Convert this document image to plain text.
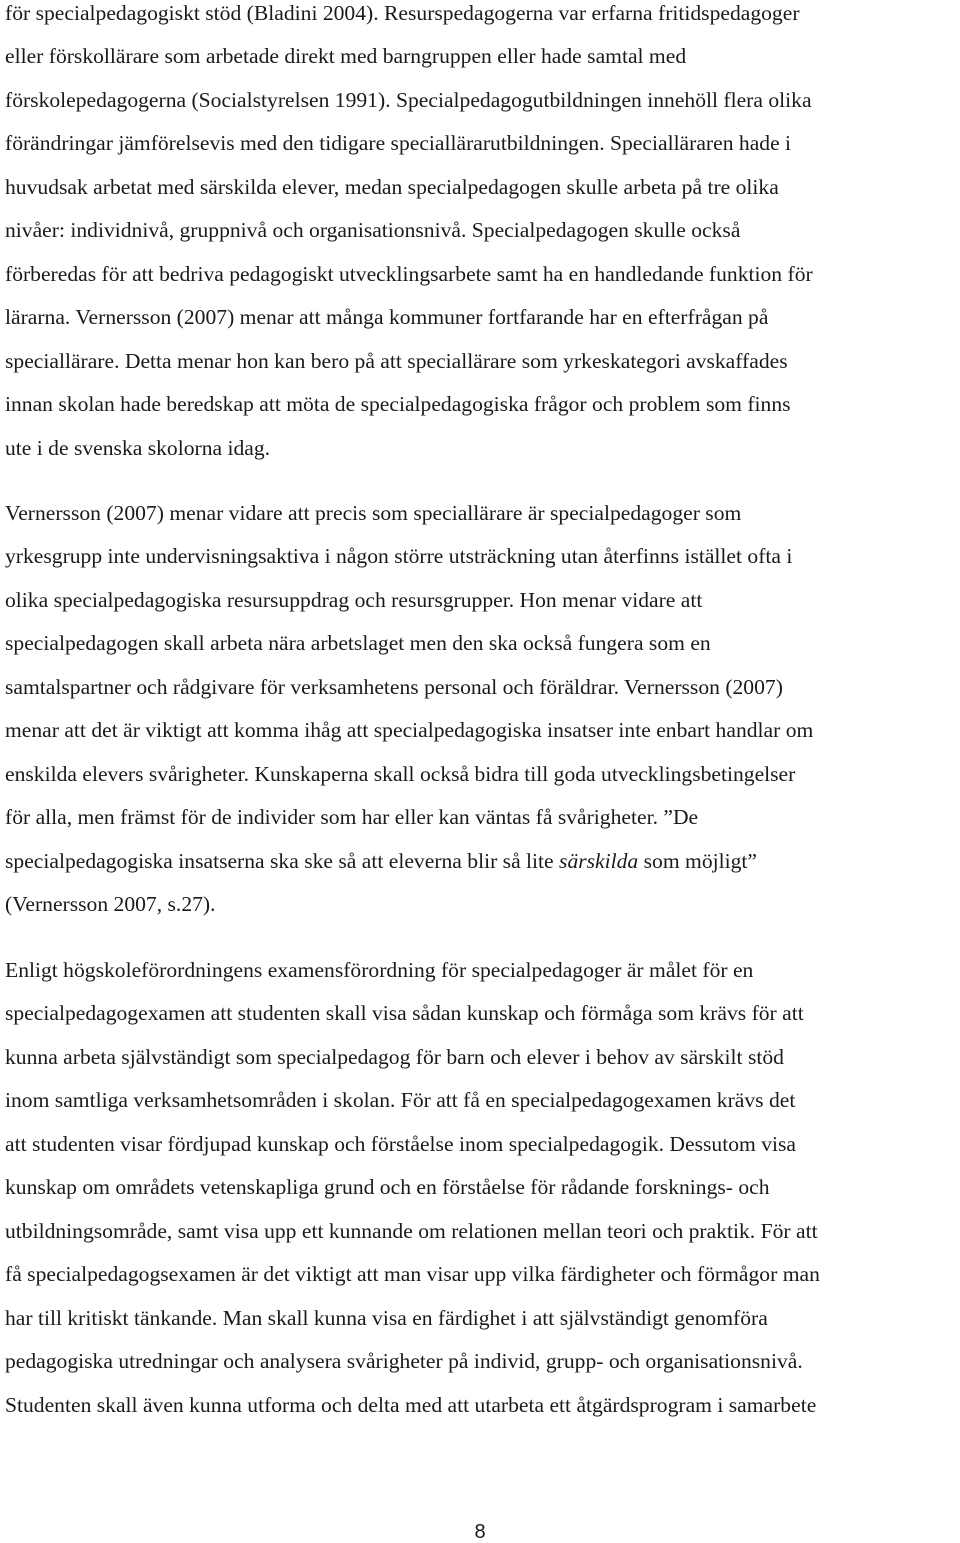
för specialpedagogiskt stöd (Bladini 2004). Resurspedagogerna var erfarna fritidspedagoger
eller förskollärare som arbetade direkt med barngruppen eller hade samtal med
förskolepedagogerna (Socialstyrelsen 1991). Specialpedagogutbildningen innehöll flera olika
förändringar jämförelsevis med den tidigare speciallärarutbildningen. Specialläraren hade i
huvudsak arbetat med särskilda elever, medan specialpedagogen skulle arbeta på tre olika
nivåer: individnivå, gruppnivå och organisationsnivå. Specialpedagogen skulle också
förberedas för att bedriva pedagogiskt utvecklingsarbete samt ha en handledande funktion för
lärarna. Vernersson (2007) menar att många kommuner fortfarande har en efterfrågan på
speciallärare. Detta menar hon kan bero på att speciallärare som yrkeskategori avskaffades
innan skolan hade beredskap att möta de specialpedagogiska frågor och problem som finns
ute i de svenska skolorna idag.
Vernersson (2007) menar vidare att precis som speciallärare är specialpedagoger som
yrkesgrupp inte undervisningsaktiva i någon större utsträckning utan återfinns istället ofta i
olika specialpedagogiska resursuppdrag och resursgrupper. Hon menar vidare att
specialpedagogen skall arbeta nära arbetslaget men den ska också fungera som en
samtalspartner och rådgivare för verksamhetens personal och föräldrar. Vernersson (2007)
menar att det är viktigt att komma ihåg att specialpedagogiska insatser inte enbart handlar om
enskilda elevers svårigheter. Kunskaperna skall också bidra till goda utvecklingsbetingelser
för alla, men främst för de individer som har eller kan väntas få svårigheter. ”De
specialpedagogiska insatserna ska ske så att eleverna blir så lite särskilda som möjligt”
(Vernersson 2007, s.27).
Enligt högskoleförordningens examensförordning för specialpedagoger är målet för en
specialpedagogexamen att studenten skall visa sådan kunskap och förmåga som krävs för att
kunna arbeta självständigt som specialpedagog för barn och elever i behov av särskilt stöd
inom samtliga verksamhetsområden i skolan. För att få en specialpedagogexamen krävs det
att studenten visar fördjupad kunskap och förståelse inom specialpedagogik. Dessutom visa
kunskap om områdets vetenskapliga grund och en förståelse för rådande forsknings- och
utbildningsområde, samt visa upp ett kunnande om relationen mellan teori och praktik. För att
få specialpedagogsexamen är det viktigt att man visar upp vilka färdigheter och förmågor man
har till kritiskt tänkande. Man skall kunna visa en färdighet i att självständigt genomföra
pedagogiska utredningar och analysera svårigheter på individ, grupp- och organisationsnivå.
Studenten skall även kunna utforma och delta med att utarbeta ett åtgärdsprogram i samarbete
8
